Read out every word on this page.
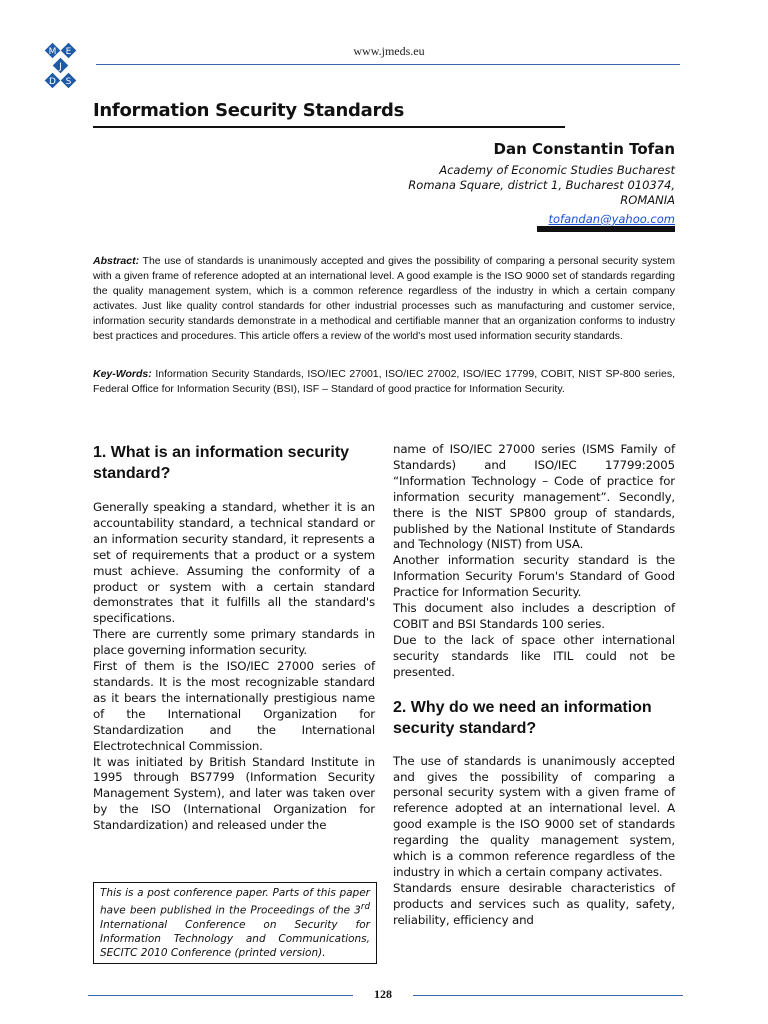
M E
J
D S
www.jmeds.eu
Information Security Standards
Dan Constantin Tofan
Academy of Economic Studies Bucharest
Romana Square, district 1, Bucharest 010374,
ROMANIA
tofandan@yahoo.com

Abstract: The use of standards is unanimously accepted and gives the possibility of comparing a personal security system with a given frame of reference adopted at an international level. A good example is the ISO 9000 set of standards regarding the quality management system, which is a common reference regardless of the industry in which a certain company activates. Just like quality control standards for other industrial processes such as manufacturing and customer service, information security standards demonstrate in a methodical and certifiable manner that an organization conforms to industry best practices and procedures. This article offers a review of the world's most used information security standards.

Key-Words: Information Security Standards, ISO/IEC 27001, ISO/IEC 27002, ISO/IEC 17799, COBIT, NIST SP-800 series, Federal Office for Information Security (BSI), ISF – Standard of good practice for Information Security.

1. What is an information security standard?

Generally speaking a standard, whether it is an accountability standard, a technical standard or an information security standard, it represents a set of requirements that a product or a system must achieve. Assuming the conformity of a product or system with a certain standard demonstrates that it fulfills all the standard's specifications.

There are currently some primary standards in place governing information security.

First of them is the ISO/IEC 27000 series of standards. It is the most recognizable standard as it bears the internationally prestigious name of the International Organization for Standardization and the International Electrotechnical Commission.

It was initiated by British Standard Institute in 1995 through BS7799 (Information Security Management System), and later was taken over by the ISO (International Organization for Standardization) and released under the

This is a post conference paper. Parts of this paper have been published in the Proceedings of the 3rd International Conference on Security for Information Technology and Communications, SECITC 2010 Conference (printed version).

name of ISO/IEC 27000 series (ISMS Family of Standards) and ISO/IEC 17799:2005 “Information Technology – Code of practice for information security management”. Secondly, there is the NIST SP800 group of standards, published by the National Institute of Standards and Technology (NIST) from USA.

Another information security standard is the Information Security Forum's Standard of Good Practice for Information Security.

This document also includes a description of COBIT and BSI Standards 100 series.

Due to the lack of space other international security standards like ITIL could not be presented.

2. Why do we need an information security standard?

The use of standards is unanimously accepted and gives the possibility of comparing a personal security system with a given frame of reference adopted at an international level. A good example is the ISO 9000 set of standards regarding the quality management system, which is a common reference regardless of the industry in which a certain company activates.

Standards ensure desirable characteristics of products and services such as quality, safety, reliability, efficiency and

128
